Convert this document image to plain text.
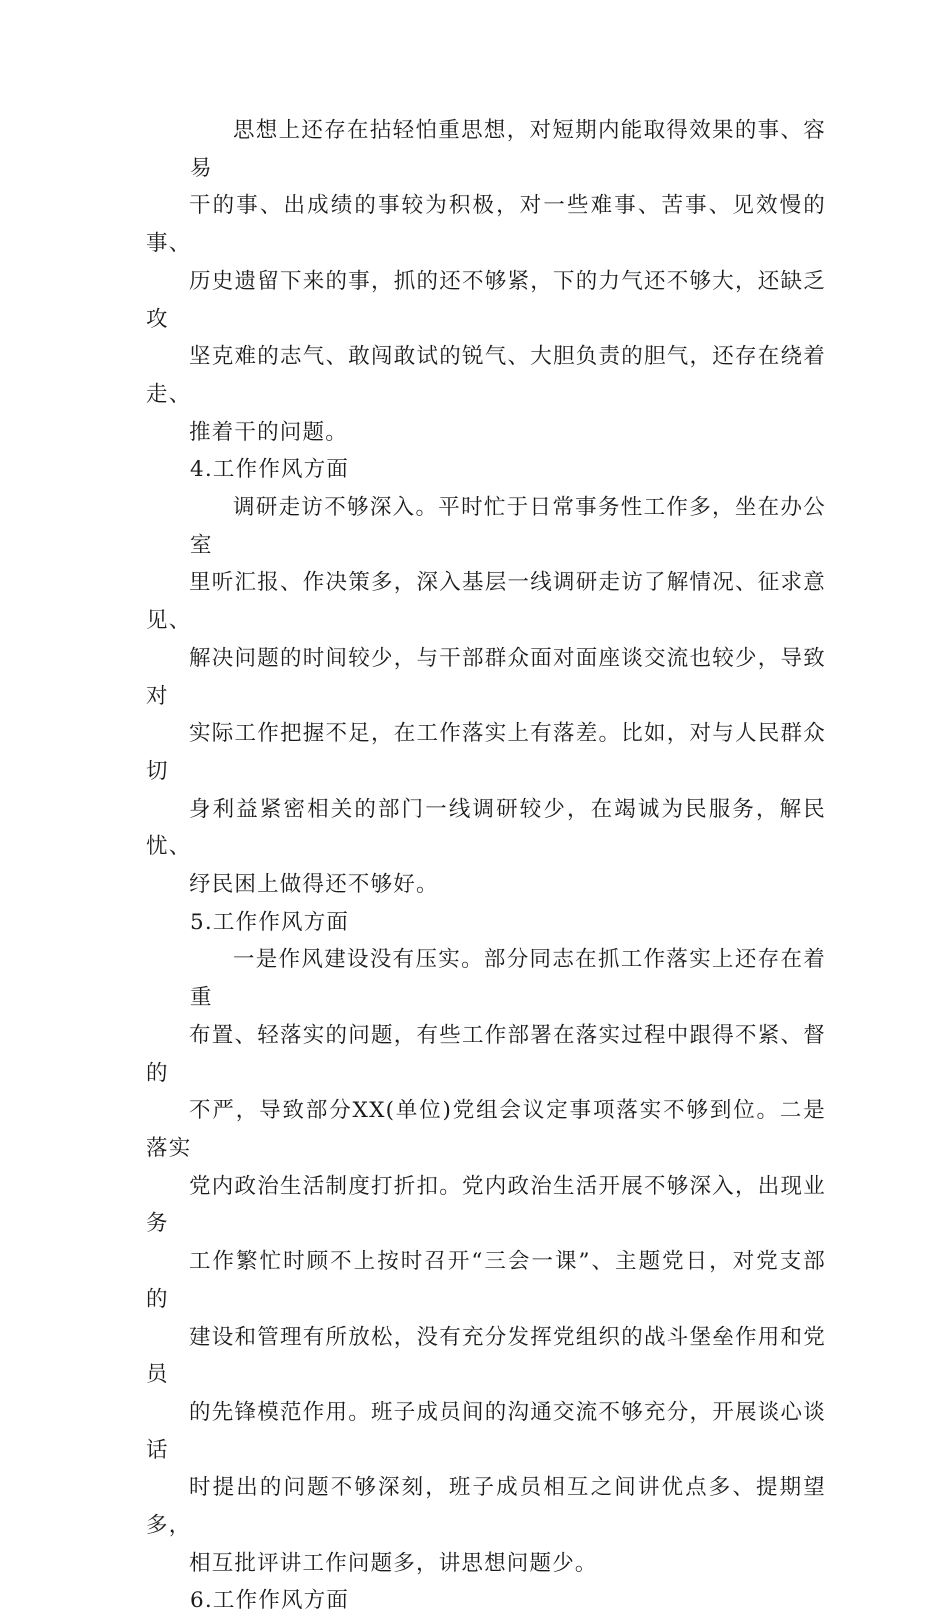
思想上还存在拈轻怕重思想，对短期内能取得效果的事、容易
干的事、出成绩的事较为积极，对一些难事、苦事、见效慢的事、
历史遗留下来的事，抓的还不够紧，下的力气还不够大，还缺乏攻
坚克难的志气、敢闯敢试的锐气、大胆负责的胆气，还存在绕着走、
推着干的问题。
4.工作作风方面
调研走访不够深入。平时忙于日常事务性工作多，坐在办公室
里听汇报、作决策多，深入基层一线调研走访了解情况、征求意见、
解决问题的时间较少，与干部群众面对面座谈交流也较少，导致对
实际工作把握不足，在工作落实上有落差。比如，对与人民群众切
身利益紧密相关的部门一线调研较少，在竭诚为民服务，解民忧、
纾民困上做得还不够好。
5.工作作风方面
一是作风建设没有压实。部分同志在抓工作落实上还存在着重
布置、轻落实的问题，有些工作部署在落实过程中跟得不紧、督的
不严，导致部分XX(单位)党组会议定事项落实不够到位。二是落实
党内政治生活制度打折扣。党内政治生活开展不够深入，出现业务
工作繁忙时顾不上按时召开“三会一课”、主题党日，对党支部的
建设和管理有所放松，没有充分发挥党组织的战斗堡垒作用和党员
的先锋模范作用。班子成员间的沟通交流不够充分，开展谈心谈话
时提出的问题不够深刻，班子成员相互之间讲优点多、提期望多，
相互批评讲工作问题多，讲思想问题少。
6.工作作风方面
